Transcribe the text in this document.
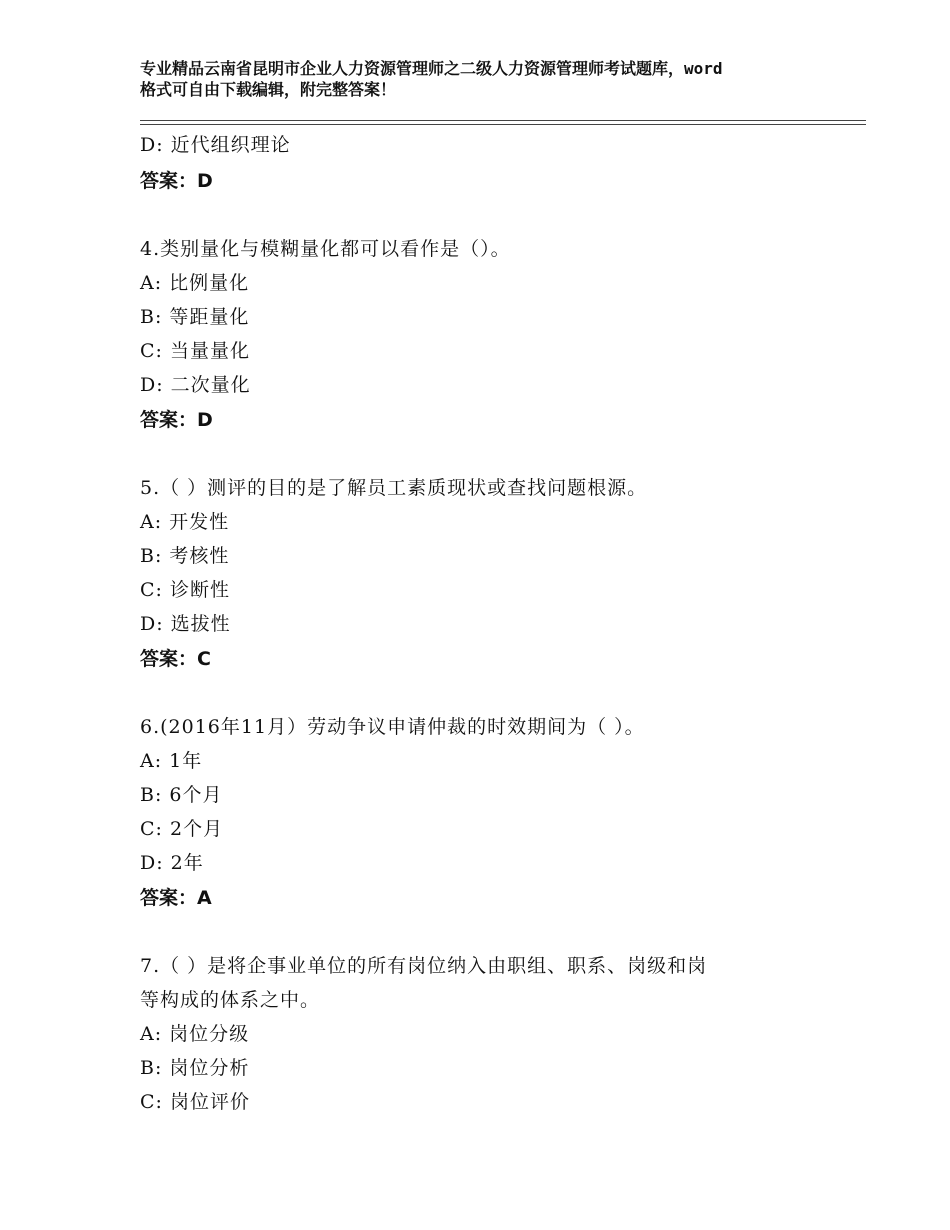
专业精品云南省昆明市企业人力资源管理师之二级人力资源管理师考试题库，word
格式可自由下载编辑，附完整答案！
D: 近代组织理论
答案：D
4.类别量化与模糊量化都可以看作是（）。
A: 比例量化
B: 等距量化
C: 当量量化
D: 二次量化
答案：D
5.（ ）测评的目的是了解员工素质现状或查找问题根源。
A: 开发性
B: 考核性
C: 诊断性
D: 选拔性
答案：C
6.(2016年11月）劳动争议申请仲裁的时效期间为（ ）。
A: 1年
B: 6个月
C: 2个月
D: 2年
答案：A
7.（ ）是将企事业单位的所有岗位纳入由职组、职系、岗级和岗
等构成的体系之中。
A: 岗位分级
B: 岗位分析
C: 岗位评价
